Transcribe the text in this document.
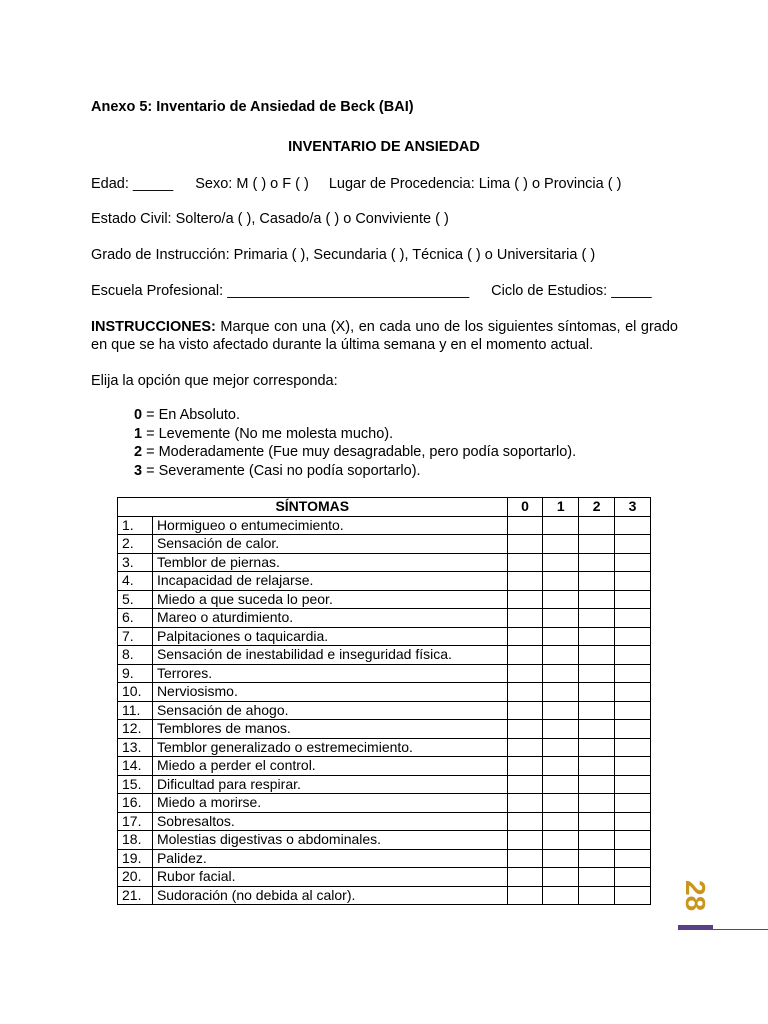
Anexo 5: Inventario de Ansiedad de Beck (BAI)
INVENTARIO DE ANSIEDAD
Edad: _____ Sexo: M ( ) o F ( ) Lugar de Procedencia: Lima ( ) o Provincia ( )
Estado Civil: Soltero/a ( ), Casado/a ( ) o Conviviente ( )
Grado de Instrucción: Primaria ( ), Secundaria ( ), Técnica ( ) o Universitaria ( )
Escuela Profesional: ______________________________ Ciclo de Estudios: _____
INSTRUCCIONES: Marque con una (X), en cada uno de los siguientes síntomas, el grado en que se ha visto afectado durante la última semana y en el momento actual.
Elija la opción que mejor corresponda:
0 = En Absoluto.
1 = Levemente (No me molesta mucho).
2 = Moderadamente (Fue muy desagradable, pero podía soportarlo).
3 = Severamente (Casi no podía soportarlo).
SÍNTOMAS		0	1	2	3
1.	Hormigueo o entumecimiento.				
2.	Sensación de calor.				
3.	Temblor de piernas.				
4.	Incapacidad de relajarse.				
5.	Miedo a que suceda lo peor.				
6.	Mareo o aturdimiento.				
7.	Palpitaciones o taquicardia.				
8.	Sensación de inestabilidad e inseguridad física.				
9.	Terrores.				
10.	Nerviosismo.				
11.	Sensación de ahogo.				
12.	Temblores de manos.				
13.	Temblor generalizado o estremecimiento.				
14.	Miedo a perder el control.				
15.	Dificultad para respirar.				
16.	Miedo a morirse.				
17.	Sobresaltos.				
18.	Molestias digestivas o abdominales.				
19.	Palidez.				
20.	Rubor facial.				
21.	Sudoración (no debida al calor).					28
